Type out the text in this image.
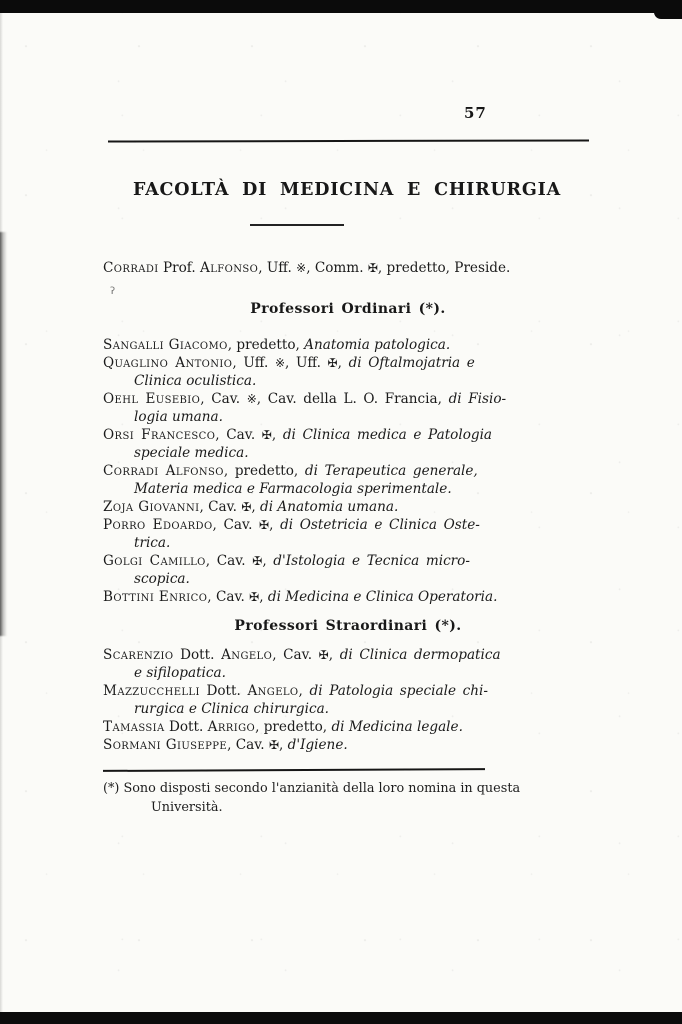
57
FACOLTÀ DI MEDICINA E CHIRURGIA
Corradi Prof. Alfonso, Uff. ※, Comm. ✠, predetto, Preside.
ʔ
Professori Ordinari (*).
Sangalli Giacomo, predetto, Anatomia patologica.
Quaglino Antonio, Uff. ※, Uff. ✠, di Oftalmojatria e
Clinica oculistica.
Oehl Eusebio, Cav. ※, Cav. della L. O. Francia, di Fisio-
logia umana.
Orsi Francesco, Cav. ✠, di Clinica medica e Patologia
speciale medica.
Corradi Alfonso, predetto, di Terapeutica generale,
Materia medica e Farmacologia sperimentale.
Zoja Giovanni, Cav. ✠, di Anatomia umana.
Porro Edoardo, Cav. ✠, di Ostetricia e Clinica Oste-
trica.
Golgi Camillo, Cav. ✠, d'Istologia e Tecnica micro-
scopica.
Bottini Enrico, Cav. ✠, di Medicina e Clinica Operatoria.
Professori Straordinari (*).
Scarenzio Dott. Angelo, Cav. ✠, di Clinica dermopatica
e sifilopatica.
Mazzucchelli Dott. Angelo, di Patologia speciale chi-
rurgica e Clinica chirurgica.
Tamassia Dott. Arrigo, predetto, di Medicina legale.
Sormani Giuseppe, Cav. ✠, d'Igiene.
(*) Sono disposti secondo l'anzianità della loro nomina in questa
Università.
